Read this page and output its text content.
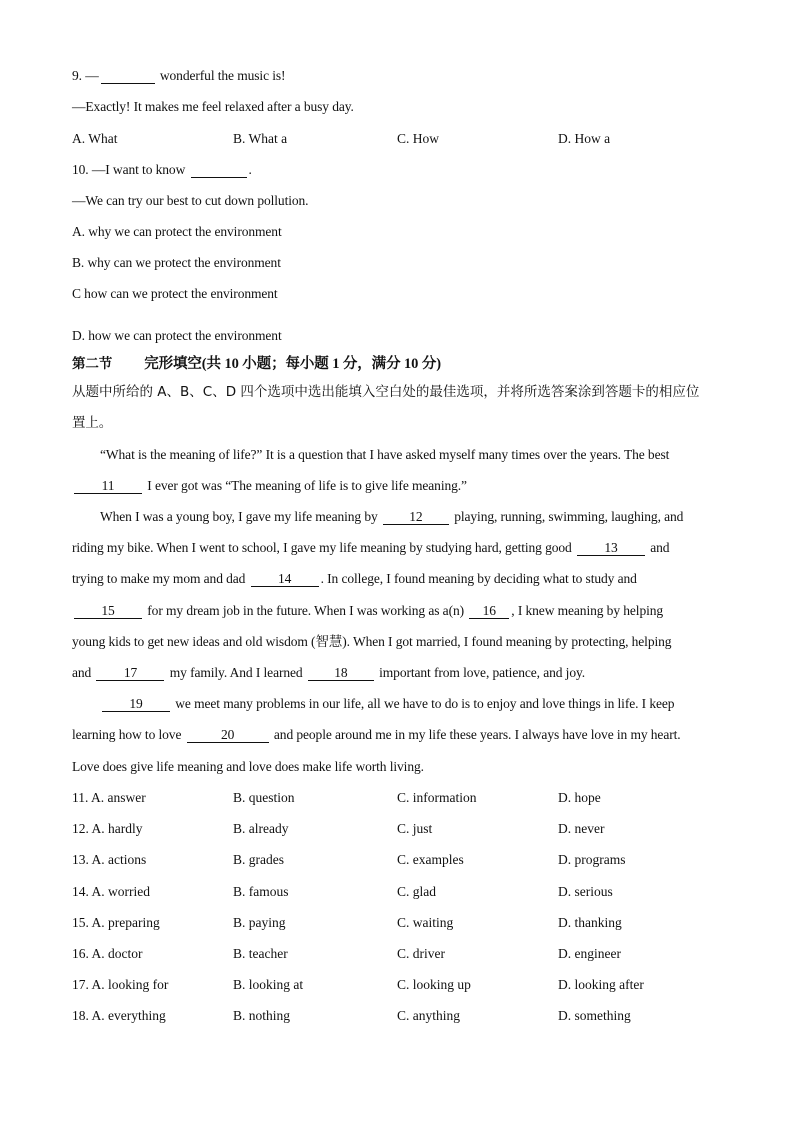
9. —	wonderful the music is!
—Exactly! It makes me feel relaxed after a busy day.
A. What	B. What a	C. How	D. How a
10. —I want to know	.
—We can try our best to cut down pollution.
A. why we can protect the environment
B. why can we protect the environment
C how can we protect the environment
D. how we can protect the environment
第二节 完形填空(共 10 小题；每小题 1 分，满分 10 分)
从题中所给的 A、B、C、D 四个选项中选出能填入空白处的最佳选项，并将所选答案涂到答题卡的相应位
置上。
“What is the meaning of life?” It is a question that I have asked myself many times over the years. The best
11 I ever got was “The meaning of life is to give life meaning.”
When I was a young boy, I gave my life meaning by 12 playing, running, swimming, laughing, and
riding my bike. When I went to school, I gave my life meaning by studying hard, getting good 13 and
trying to make my mom and dad 14 . In college, I found meaning by deciding what to study and
15 for my dream job in the future. When I was working as a(n) 16 , I knew meaning by helping
young kids to get new ideas and old wisdom (智慧). When I got married, I found meaning by protecting, helping
and 17 my family. And I learned 18 important from love, patience, and joy.
19 we meet many problems in our life, all we have to do is to enjoy and love things in life. I keep
learning how to love	20	and people around me in my life these years. I always have love in my heart.
Love does give life meaning and love does make life worth living.
11. A. answer	B. question	C. information	D. hope
12. A. hardly	B. already	C. just	D. never
13. A. actions	B. grades	C. examples	D. programs
14. A. worried	B. famous	C. glad	D. serious
15. A. preparing	B. paying	C. waiting	D. thanking
16. A. doctor	B. teacher	C. driver	D. engineer
17. A. looking for	B. looking at	C. looking up	D. looking after
18. A. everything	B. nothing	C. anything	D. something
